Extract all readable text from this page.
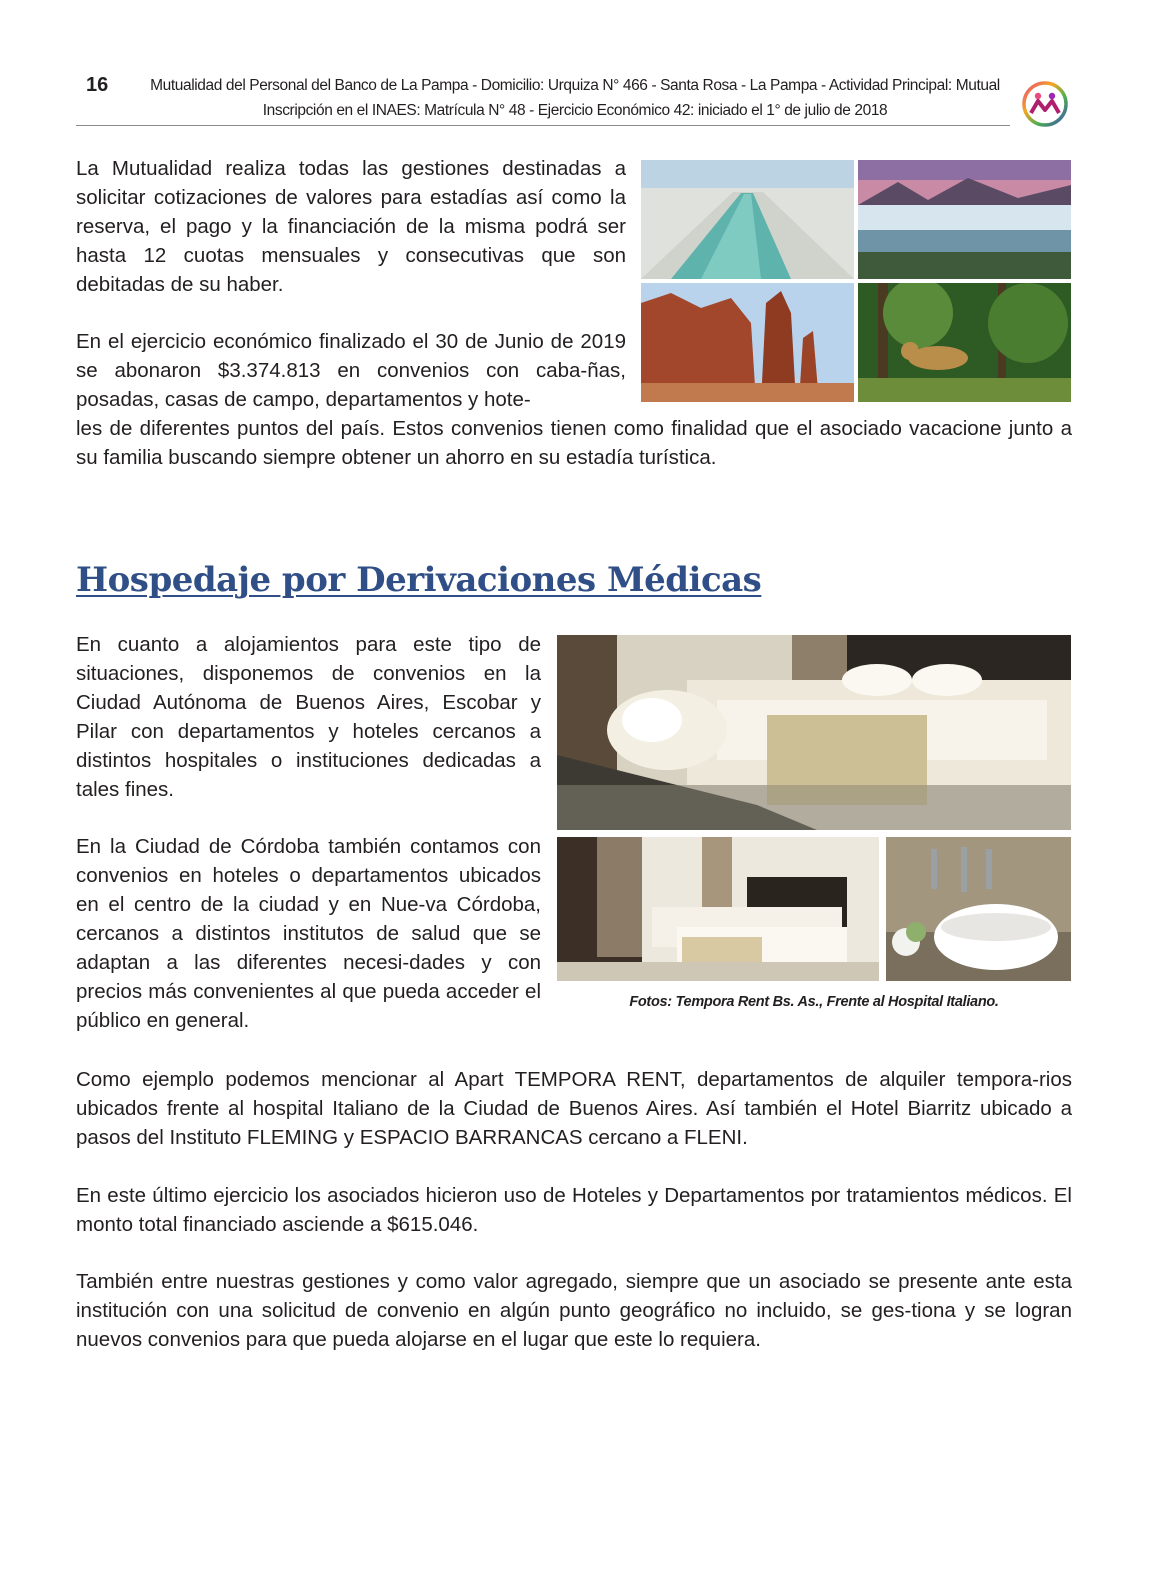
16	Mutualidad del Personal del Banco de La Pampa - Domicilio: Urquiza N° 466 - Santa Rosa - La Pampa - Actividad Principal: Mutual
Inscripción en el INAES: Matrícula N° 48 - Ejercicio Económico 42: iniciado el 1° de julio de 2018
La Mutualidad realiza todas las gestiones destinadas a solicitar cotizaciones de valores para estadías así como la reserva, el pago y la financiación de la misma podrá ser hasta 12 cuotas mensuales y consecutivas que son debitadas de su haber.
En el ejercicio económico finalizado el 30 de Junio de 2019 se abonaron $3.374.813 en convenios con caba-ñas, posadas, casas de campo, departamentos y hote-
les de diferentes puntos del país. Estos convenios tienen como finalidad que el asociado vacacione junto a su familia buscando siempre obtener un ahorro en su estadía turística.
Hospedaje por Derivaciones Médicas
En cuanto a alojamientos para este tipo de situaciones, disponemos de convenios en la Ciudad Autónoma de Buenos Aires, Escobar y Pilar con departamentos y hoteles cercanos a distintos hospitales o instituciones dedicadas a tales fines.
En la Ciudad de Córdoba también contamos con convenios en hoteles o departamentos ubicados en el centro de la ciudad y en Nue-va Córdoba, cercanos a distintos institutos de salud que se adaptan a las diferentes necesi-dades y con precios más convenientes al que pueda acceder el público en general.
Fotos: Tempora Rent Bs. As., Frente al Hospital Italiano.
Como ejemplo podemos mencionar al Apart TEMPORA RENT, departamentos de alquiler tempora-rios ubicados frente al hospital Italiano de la Ciudad de Buenos Aires. Así también el Hotel Biarritz ubicado a pasos del Instituto FLEMING y ESPACIO BARRANCAS cercano a FLENI.
En este último ejercicio los asociados hicieron uso de Hoteles y Departamentos por tratamientos médicos. El monto total financiado asciende a $615.046.
También entre nuestras gestiones y como valor agregado, siempre que un asociado se presente ante esta institución con una solicitud de convenio en algún punto geográfico no incluido, se ges-tiona y se logran nuevos convenios para que pueda alojarse en el lugar que este lo requiera.
